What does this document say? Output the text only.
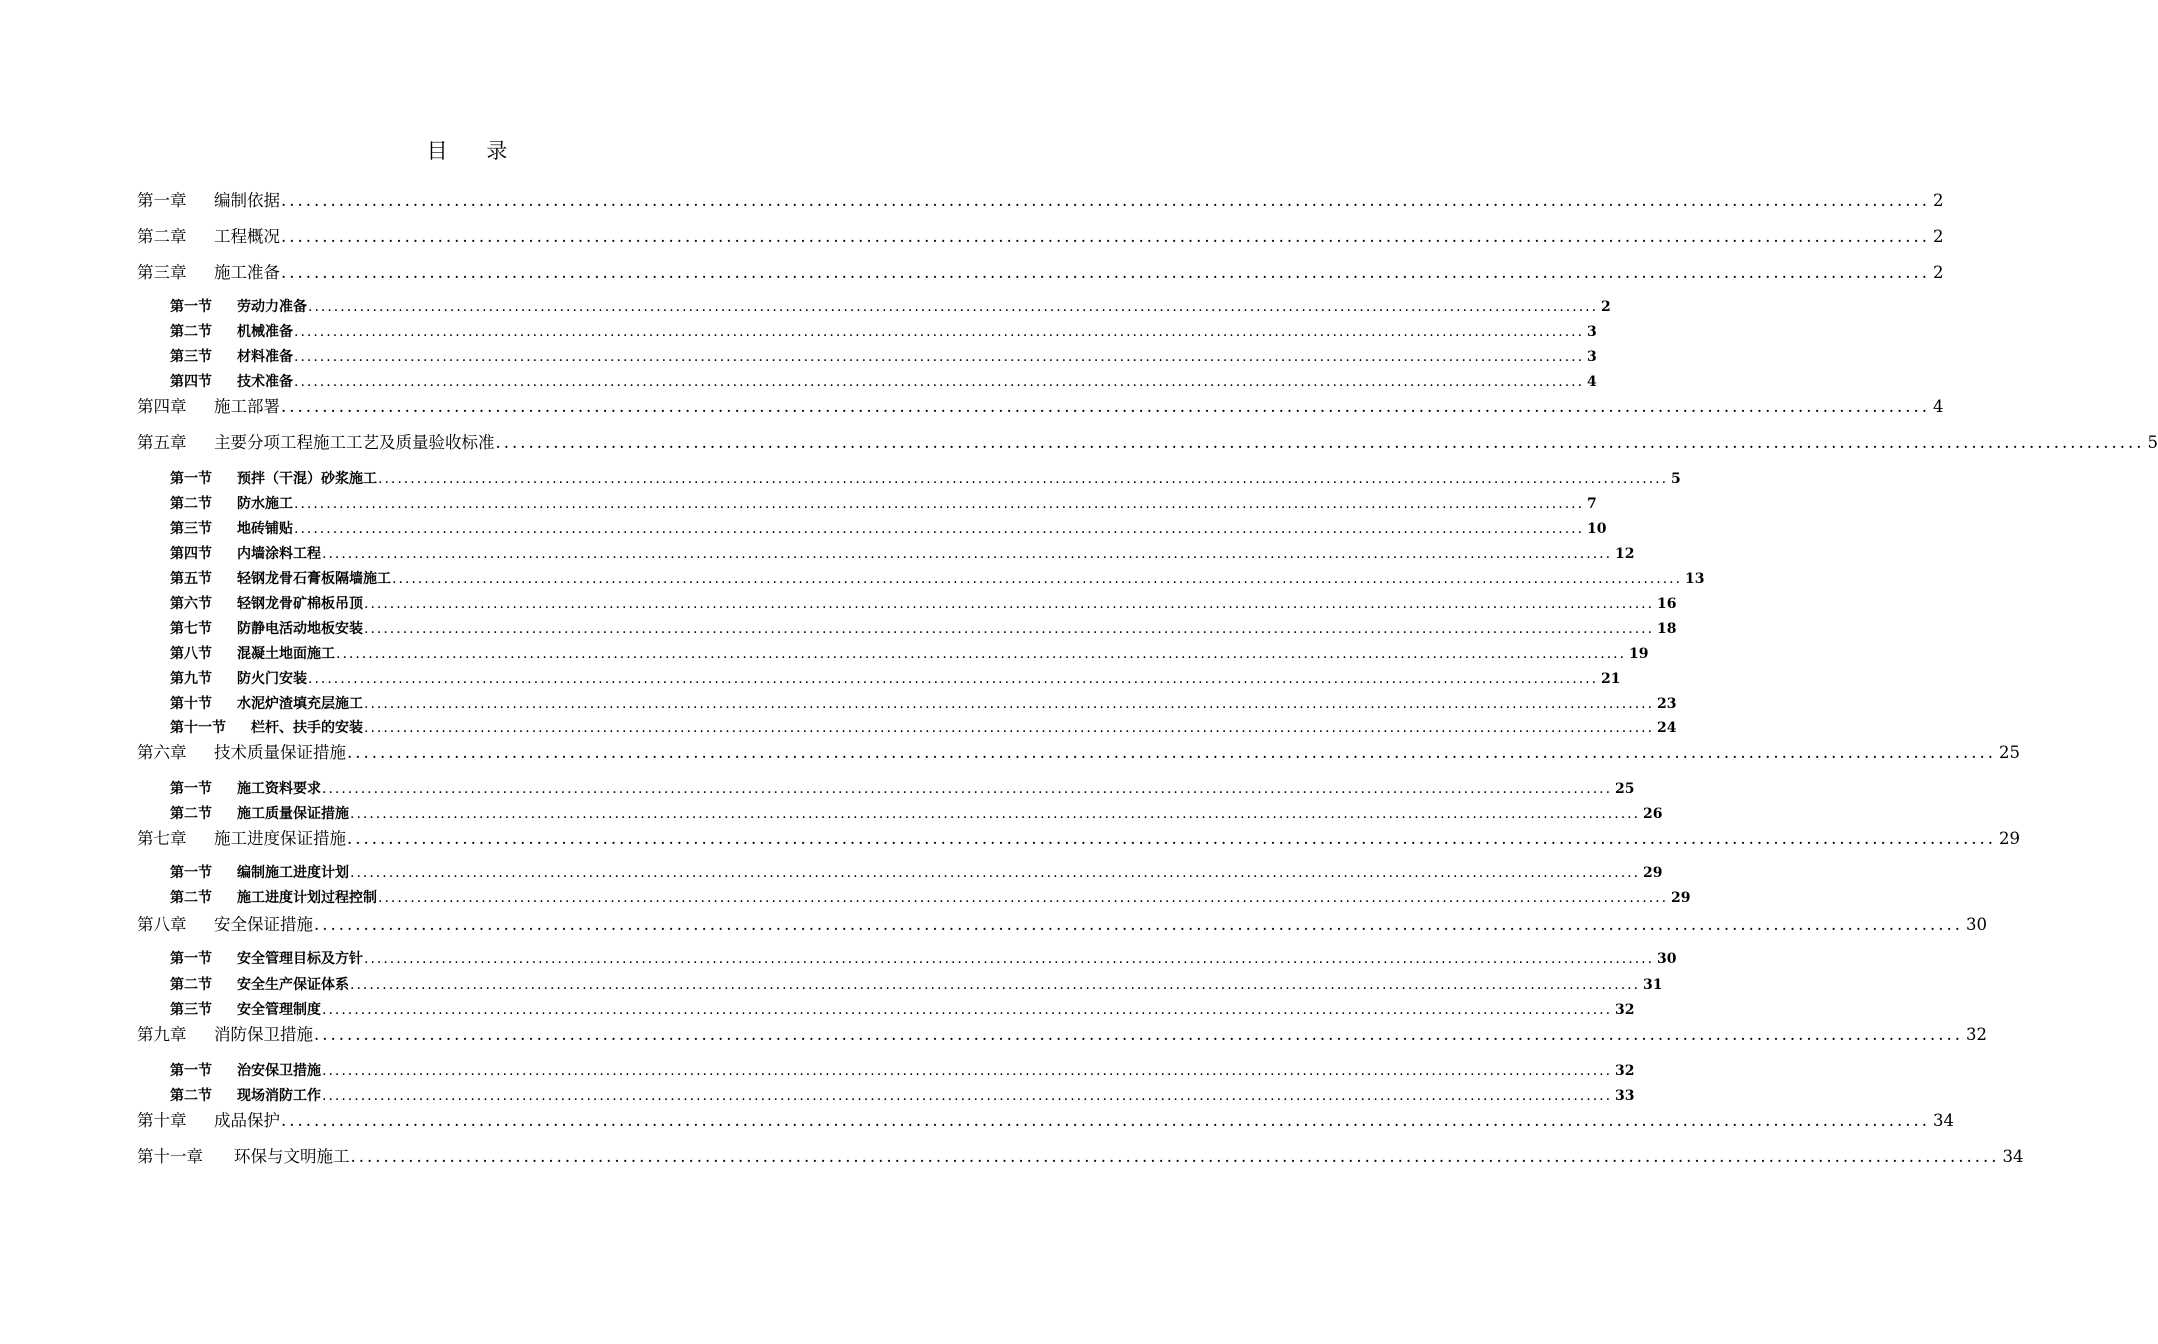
目 录
第一章	编制依据 ........................................................................................................................................................................................................ 2
第二章	工程概况 ........................................................................................................................................................................................................ 2
第三章	施工准备 ........................................................................................................................................................................................................ 2
第一节	劳动力准备 ........................................................................................................................................................................................................ 2
第二节	机械准备 ........................................................................................................................................................................................................ 3
第三节	材料准备 ........................................................................................................................................................................................................ 3
第四节	技术准备 ........................................................................................................................................................................................................ 4
第四章	施工部署 ........................................................................................................................................................................................................ 4
第五章	主要分项工程施工工艺及质量验收标准 ........................................................................................................................................................................................................ 5
第一节	预拌（干混）砂浆施工 ........................................................................................................................................................................................................ 5
第二节	防水施工 ........................................................................................................................................................................................................ 7
第三节	地砖铺贴 ........................................................................................................................................................................................................ 10
第四节	内墙涂料工程 ........................................................................................................................................................................................................ 12
第五节	轻钢龙骨石膏板隔墙施工 ........................................................................................................................................................................................................ 13
第六节	轻钢龙骨矿棉板吊顶 ........................................................................................................................................................................................................ 16
第七节	防静电活动地板安装 ........................................................................................................................................................................................................ 18
第八节	混凝土地面施工 ........................................................................................................................................................................................................ 19
第九节	防火门安装 ........................................................................................................................................................................................................ 21
第十节	水泥炉渣填充层施工 ........................................................................................................................................................................................................ 23
第十一节	栏杆、扶手的安装 ........................................................................................................................................................................................................ 24
第六章	技术质量保证措施 ........................................................................................................................................................................................................ 25
第一节	施工资料要求 ........................................................................................................................................................................................................ 25
第二节	施工质量保证措施 ........................................................................................................................................................................................................ 26
第七章	施工进度保证措施 ........................................................................................................................................................................................................ 29
第一节	编制施工进度计划 ........................................................................................................................................................................................................ 29
第二节	施工进度计划过程控制 ........................................................................................................................................................................................................ 29
第八章	安全保证措施 ........................................................................................................................................................................................................ 30
第一节	安全管理目标及方针 ........................................................................................................................................................................................................ 30
第二节	安全生产保证体系 ........................................................................................................................................................................................................ 31
第三节	安全管理制度 ........................................................................................................................................................................................................ 32
第九章	消防保卫措施 ........................................................................................................................................................................................................ 32
第一节	治安保卫措施 ........................................................................................................................................................................................................ 32
第二节	现场消防工作 ........................................................................................................................................................................................................ 33
第十章	成品保护 ........................................................................................................................................................................................................ 34
第十一章	环保与文明施工 ........................................................................................................................................................................................................ 34
